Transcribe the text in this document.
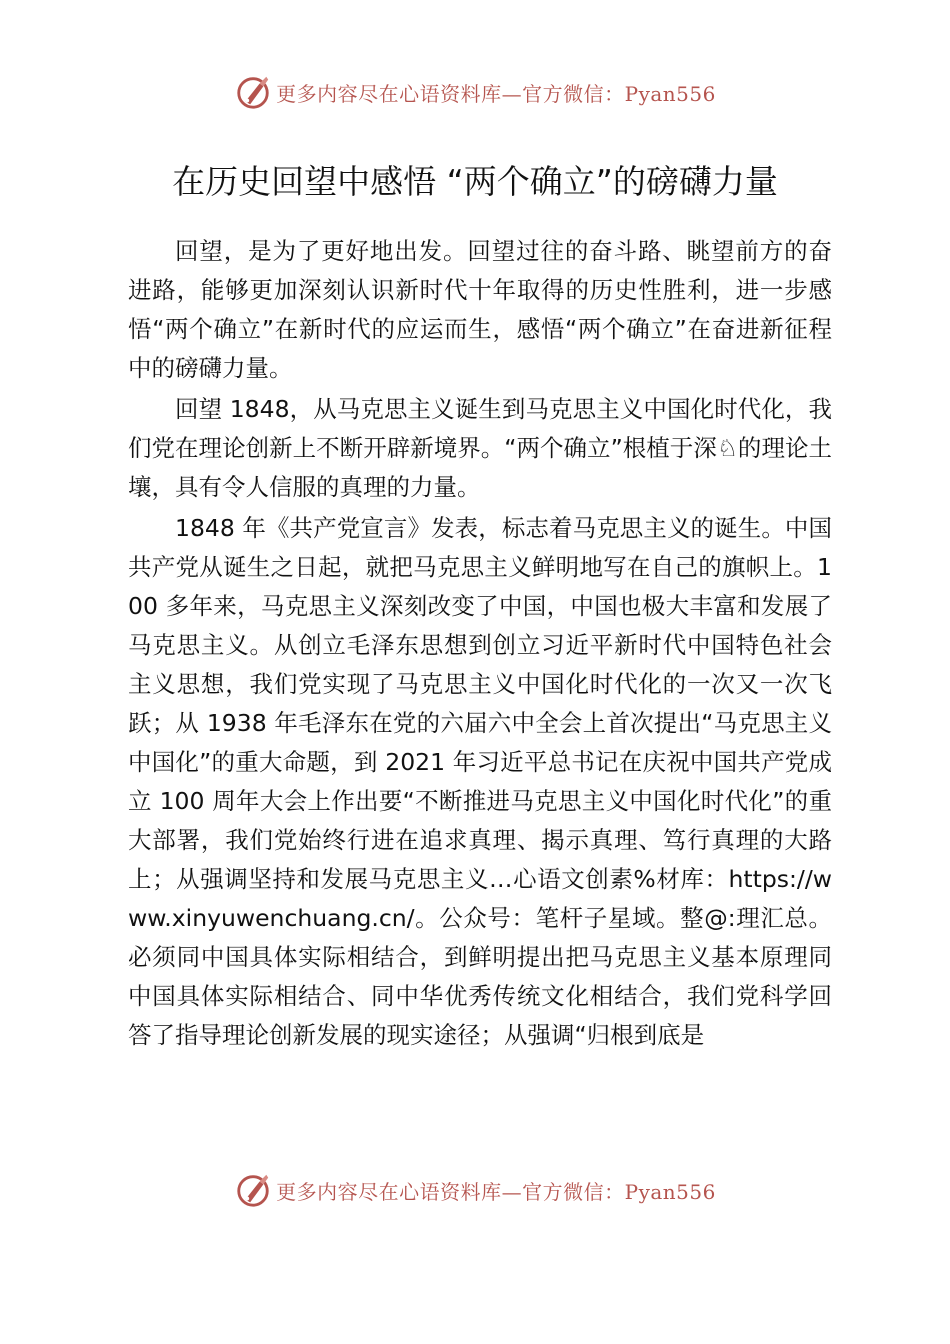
更多内容尽在心语资料库—官方微信：Pyan556
在历史回望中感悟 “两个确立”的磅礴力量

回望，是为了更好地出发。回望过往的奋斗路、眺望前方的奋进路，能够更加深刻认识新时代十年取得的历史性胜利，进一步感悟“两个确立”在新时代的应运而生，感悟“两个确立”在奋进新征程中的磅礴力量。

回望 1848，从马克思主义诞生到马克思主义中国化时代化，我们党在理论创新上不断开辟新境界。“两个确立”根植于深♘的理论土壤，具有令人信服的真理的力量。

1848 年《共产党宣言》发表，标志着马克思主义的诞生。中国共产党从诞生之日起，就把马克思主义鲜明地写在自己的旗帜上。100 多年来，马克思主义深刻改变了中国，中国也极大丰富和发展了马克思主义。从创立毛泽东思想到创立习近平新时代中国特色社会主义思想，我们党实现了马克思主义中国化时代化的一次又一次飞跃；从 1938 年毛泽东在党的六届六中全会上首次提出“马克思主义中国化”的重大命题，到 2021 年习近平总书记在庆祝中国共产党成立 100 周年大会上作出要“不断推进马克思主义中国化时代化”的重大部署，我们党始终行进在追求真理、揭示真理、笃行真理的大路上；从强调坚持和发展马克思主义…心语文创素%材库：https://www.xinyuwenchuang.cn/。公众号：笔杆子星域。整@:理汇总。必须同中国具体实际相结合，到鲜明提出把马克思主义基本原理同中国具体实际相结合、同中华优秀传统文化相结合，我们党科学回答了指导理论创新发展的现实途径；从强调“归根到底是

更多内容尽在心语资料库—官方微信：Pyan556
